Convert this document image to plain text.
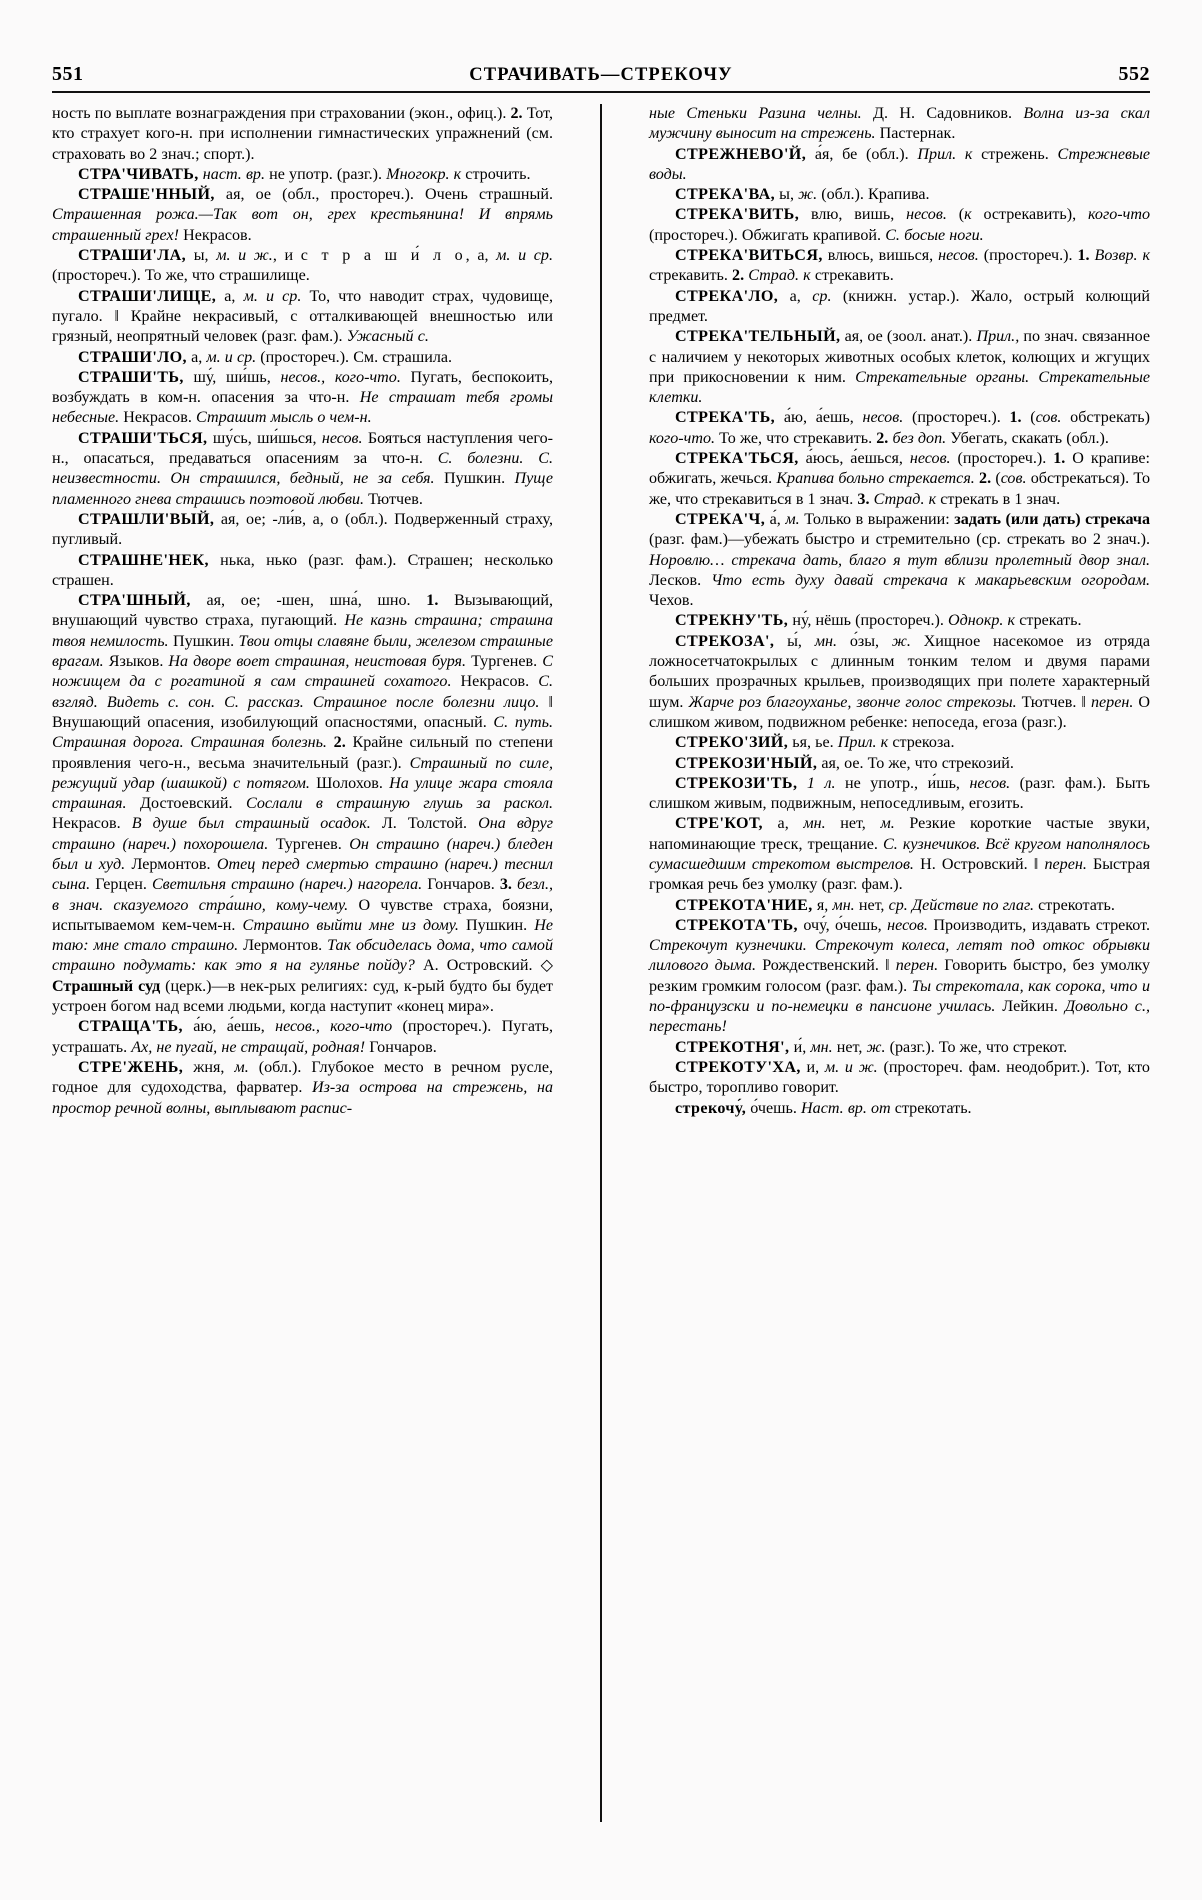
551	СТРАЧИВАТЬ—СТРЕКОЧУ	552

ность по выплате вознаграждения при страховании (экон., офиц.). 2. Тот, кто страхует кого-н. при исполнении гимнастических упражнений (см. страховать во 2 знач.; спорт.).

СТРА'ЧИВАТЬ, наст. вр. не употр. (разг.). Многокр. к строчить.

СТРАШЕ'ННЫЙ, ая, ое (обл., простореч.). Очень страшный. Страшенная рожа.—Так вот он, грех крестьянина! И впрямь страшенный грех! Некрасов.

СТРАШИ'ЛА, ы, м. и ж., и с т р а ш и́ л о, а, м. и ср. (простореч.). То же, что страшилище.

СТРАШИ'ЛИЩЕ, а, м. и ср. То, что наводит страх, чудовище, пугало. ‖ Крайне некрасивый, с отталкивающей внешностью или грязный, неопрятный человек (разг. фам.). Ужасный с.

СТРАШИ'ЛО, а, м. и ср. (простореч.). См. страшила.

СТРАШИ'ТЬ, шу́, ши́шь, несов., кого-что. Пугать, беспокоить, возбуждать в ком-н. опасения за что-н. Не страшат тебя громы небесные. Некрасов. Страшит мысль о чем-н.

СТРАШИ'ТЬСЯ, шу́сь, ши́шься, несов. Бояться наступления чего-н., опасаться, предаваться опасениям за что-н. С. болезни. С. неизвестности. Он страшился, бедный, не за себя. Пушкин. Пуще пламенного гнева страшись поэтовой любви. Тютчев.

СТРАШЛИ'ВЫЙ, ая, ое; -ли́в, а, о (обл.). Подверженный страху, пугливый.

СТРАШНЕ'НЕК, нька, нько (разг. фам.). Страшен; несколько страшен.

СТРА'ШНЫЙ, ая, ое; -шен, шна́, шно. 1. Вызывающий, внушающий чувство страха, пугающий. Не казнь страшна; страшна твоя немилость. Пушкин. Твои отцы славяне были, железом страшные врагам. Языков. На дворе воет страшная, неистовая буря. Тургенев. С ножищем да с рогатиной я сам страшней сохатого. Некрасов. С. взгляд. Видеть с. сон. С. рассказ. Страшное после болезни лицо. ‖ Внушающий опасения, изобилующий опасностями, опасный. С. путь. Страшная дорога. Страшная болезнь. 2. Крайне сильный по степени проявления чего-н., весьма значительный (разг.). Страшный по силе, режущий удар (шашкой) с потягом. Шолохов. На улице жара стояла страшная. Достоевский. Сослали в страшную глушь за раскол. Некрасов. В душе был страшный осадок. Л. Толстой. Она вдруг страшно (нареч.) похорошела. Тургенев. Он страшно (нареч.) бледен был и худ. Лермонтов. Отец перед смертью страшно (нареч.) теснил сына. Герцен. Светильня страшно (нареч.) нагорела. Гончаров. 3. безл., в знач. сказуемого стра́шно, кому-чему. О чувстве страха, боязни, испытываемом кем-чем-н. Страшно выйти мне из дому. Пушкин. Не таю: мне стало страшно. Лермонтов. Так обсиделась дома, что самой страшно подумать: как это я на гулянье пойду? А. Островский. ◇ Страшный суд (церк.)—в нек-рых религиях: суд, к-рый будто бы будет устроен богом над всеми людьми, когда наступит «конец мира».

СТРАЩА'ТЬ, а́ю, а́ешь, несов., кого-что (простореч.). Пугать, устрашать. Ах, не пугай, не стращай, родная! Гончаров.

СТРЕ'ЖЕНЬ, жня, м. (обл.). Глубокое место в речном русле, годное для судоходства, фарватер. Из-за острова на стрежень, на простор речной волны, выплывают распис-

ные Стеньки Разина челны. Д. Н. Садовников. Волна из-за скал мужчину выносит на стрежень. Пастернак.

СТРЕЖНЕВО'Й, а́я, бе (обл.). Прил. к стрежень. Стрежневые воды.

СТРЕКА'ВА, ы, ж. (обл.). Крапива.

СТРЕКА'ВИТЬ, влю, вишь, несов. (к острекавить), кого-что (простореч.). Обжигать крапивой. С. босые ноги.

СТРЕКА'ВИТЬСЯ, влюсь, вишься, несов. (простореч.). 1. Возвр. к стрекавить. 2. Страд. к стрекавить.

СТРЕКА'ЛО, а, ср. (книжн. устар.). Жало, острый колющий предмет.

СТРЕКА'ТЕЛЬНЫЙ, ая, ое (зоол. анат.). Прил., по знач. связанное с наличием у некоторых животных особых клеток, колющих и жгущих при прикосновении к ним. Стрекательные органы. Стрекательные клетки.

СТРЕКА'ТЬ, а́ю, а́ешь, несов. (простореч.). 1. (сов. обстрекать) кого-что. То же, что стрекавить. 2. без доп. Убегать, скакать (обл.).

СТРЕКА'ТЬСЯ, а́юсь, а́ешься, несов. (простореч.). 1. О крапиве: обжигать, жечься. Крапива больно стрекается. 2. (сов. обстрекаться). То же, что стрекавиться в 1 знач. 3. Страд. к стрекать в 1 знач.

СТРЕКА'Ч, а́, м. Только в выражении: задать (или дать) стрекача (разг. фам.)—убежать быстро и стремительно (ср. стрекать во 2 знач.). Норовлю… стрекача дать, благо я тут вблизи пролетный двор знал. Лесков. Что есть духу давай стрекача к макарьевским огородам. Чехов.

СТРЕКНУ'ТЬ, ну́, нёшь (простореч.). Однокр. к стрекать.

СТРЕКОЗА', ы́, мн. о́зы, ж. Хищное насекомое из отряда ложносетчатокрылых с длинным тонким телом и двумя парами больших прозрачных крыльев, производящих при полете характерный шум. Жарче роз благоуханье, звонче голос стрекозы. Тютчев. ‖ перен. О слишком живом, подвижном ребенке: непоседа, егоза (разг.).

СТРЕКО'ЗИЙ, ья, ье. Прил. к стрекоза.

СТРЕКОЗИ'НЫЙ, ая, ое. То же, что стрекозий.

СТРЕКОЗИ'ТЬ, 1 л. не употр., и́шь, несов. (разг. фам.). Быть слишком живым, подвижным, непоседливым, егозить.

СТРЕ'КОТ, а, мн. нет, м. Резкие короткие частые звуки, напоминающие треск, трещание. С. кузнечиков. Всё кругом наполнялось сумасшедшим стрекотом выстрелов. Н. Островский. ‖ перен. Быстрая громкая речь без умолку (разг. фам.).

СТРЕКОТА'НИЕ, я, мн. нет, ср. Действие по глаг. стрекотать.

СТРЕКОТА'ТЬ, очу́, о́чешь, несов. Производить, издавать стрекот. Стрекочут кузнечики. Стрекочут колеса, летят под откос обрывки лилового дыма. Рождественский. ‖ перен. Говорить быстро, без умолку резким громким голосом (разг. фам.). Ты стрекотала, как сорока, что и по-французски и по-немецки в пансионе училась. Лейкин. Довольно с., перестань!

СТРЕКОТНЯ', и́, мн. нет, ж. (разг.). То же, что стрекот.

СТРЕКОТУ'ХА, и, м. и ж. (простореч. фам. неодобрит.). Тот, кто быстро, торопливо говорит.

стрекочу́, о́чешь. Наст. вр. от стрекотать.
